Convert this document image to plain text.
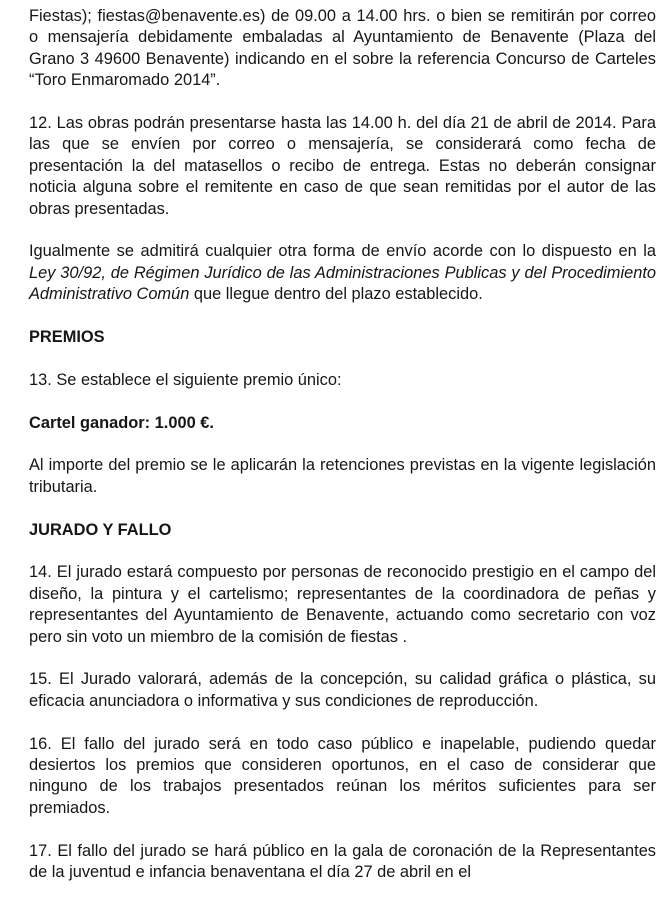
Fiestas); fiestas@benavente.es) de 09.00 a 14.00 hrs. o bien se remitirán por correo o mensajería debidamente embaladas al Ayuntamiento de Benavente (Plaza del Grano 3 49600 Benavente) indicando en el sobre la referencia Concurso de Carteles “Toro Enmaromado 2014”.

12. Las obras podrán presentarse hasta las 14.00 h. del día 21 de abril de 2014. Para las que se envíen por correo o mensajería, se considerará como fecha de presentación la del matasellos o recibo de entrega. Estas no deberán consignar noticia alguna sobre el remitente en caso de que sean remitidas por el autor de las obras presentadas.

Igualmente se admitirá cualquier otra forma de envío acorde con lo dispuesto en la Ley 30/92, de Régimen Jurídico de las Administraciones Publicas y del Procedimiento Administrativo Común que llegue dentro del plazo establecido.

PREMIOS

13. Se establece el siguiente premio único:

Cartel ganador: 1.000 €.

Al importe del premio se le aplicarán la retenciones previstas en la vigente legislación tributaria.

JURADO Y FALLO

14. El jurado estará compuesto por personas de reconocido prestigio en el campo del diseño, la pintura y el cartelismo; representantes de la coordinadora de peñas y representantes del Ayuntamiento de Benavente, actuando como secretario con voz pero sin voto un miembro de la comisión de fiestas .

15. El Jurado valorará, además de la concepción, su calidad gráfica o plástica, su eficacia anunciadora o informativa y sus condiciones de reproducción.

16. El fallo del jurado será en todo caso público e inapelable, pudiendo quedar desiertos los premios que consideren oportunos, en el caso de considerar que ninguno de los trabajos presentados reúnan los méritos suficientes para ser premiados.

17. El fallo del jurado se hará público en la gala de coronación de la Representantes de la juventud e infancia benaventana el día 27 de abril en el
